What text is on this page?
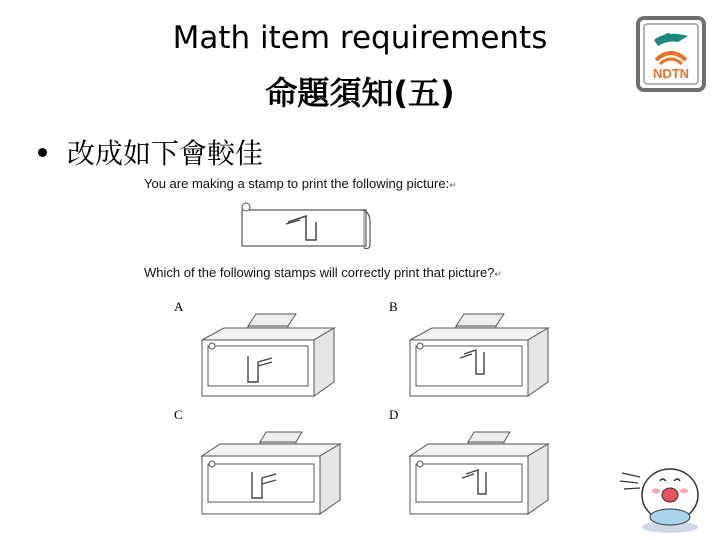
Math item requirements
命題須知(五)
NDTN
改成如下會較佳
You are making a stamp to print the following picture:↵
Which of the following stamps will correctly print that picture?↵
A	B
C	D
